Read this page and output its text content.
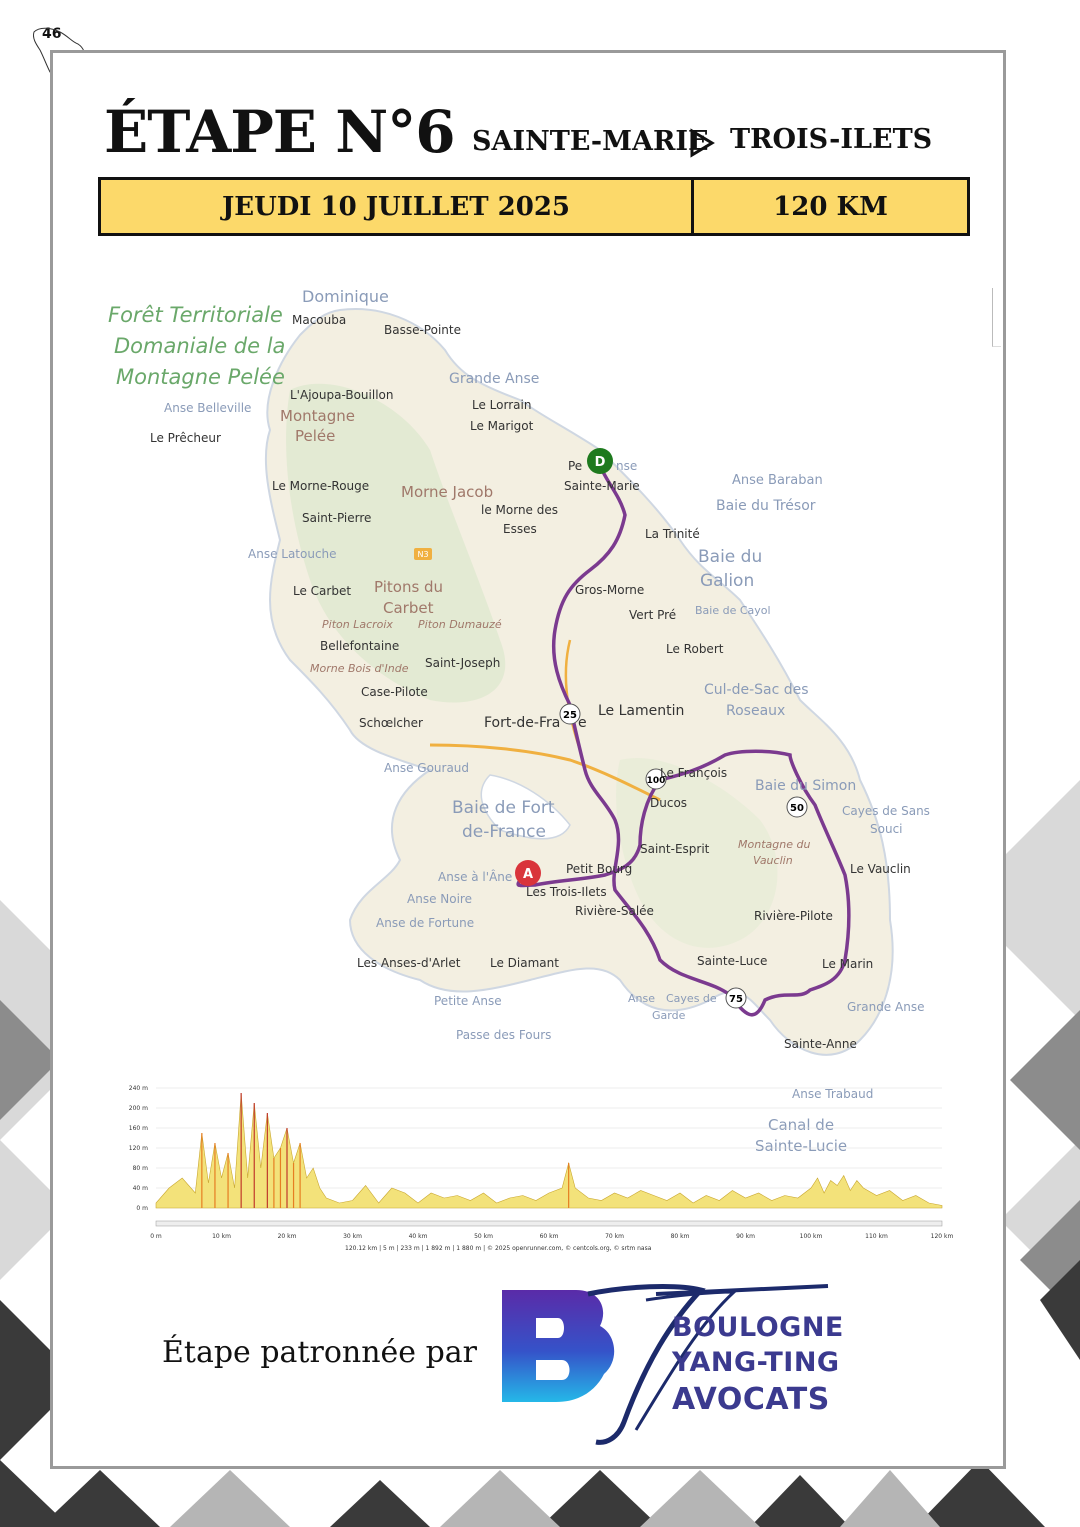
46
ÉTAPE N°6 SAINTE-MARIE TROIS-ILETS
JEUDI 10 JUILLET 2025	120 KM
A
D
25
50
75
100
N3
Forêt Territoriale
Domaniale de la
Montagne Pelée
Dominique
Macouba
Basse-Pointe
Grande Anse
Le Lorrain
Le Marigot
L'Ajoupa-Bouillon
Montagne
Pelée
Anse Belleville
Le Prêcheur
Le Morne-Rouge Morne Jacob
Saint-Pierre
le Morne des
Esses
Pe	nse
Sainte-Marie	Anse Baraban
Baie du Trésor
La Trinité
Anse Latouche	Baie du
Galion
Le Carbet Pitons du
Carbet
Gros-Morne
Vert Pré Baie de Cayol
Piton Lacroix Piton Dumauzé
Bellefontaine	Le Robert
Morne Bois d'Inde Saint-Joseph
Cul-de-Sac des
Roseaux
Case-Pilote
Schœlcher	Fort-de-Fra e
Le Lamentin
Anse Gouraud	Le François
Baie du Simon
Baie de Fort
de-France
Ducos
Cayes de Sans
Souci
Saint-Esprit	Montagne du
Vauclin
Anse à l'Âne
Petit Bourg	Le Vauclin
Les Trois-Ilets
Anse Noire
Rivière-Salée	Rivière-Pilote
Anse de Fortune
Les Anses-d'Arlet Le Diamant	Sainte-Luce	Le Marin
Anse Cayes de
Garde
Petite Anse	Grande Anse
Passe des Fours
Sainte-Anne
Anse Trabaud
Canal de
Sainte-Lucie
240 m
200 m
160 m
120 m
80 m
40 m
0 m
0 m	10 km	20 km	30 km	40 km	50 km	60 km	70 km	80 km	90 km	100 km	110 km	120 km
120.12 km | 5 m | 233 m | 1 892 m | 1 880 m | © 2025 openrunner.com, © centcols.org, © srtm nasa
Étape patronnée par
BOULOGNE
YANG-TING
AVOCATS
